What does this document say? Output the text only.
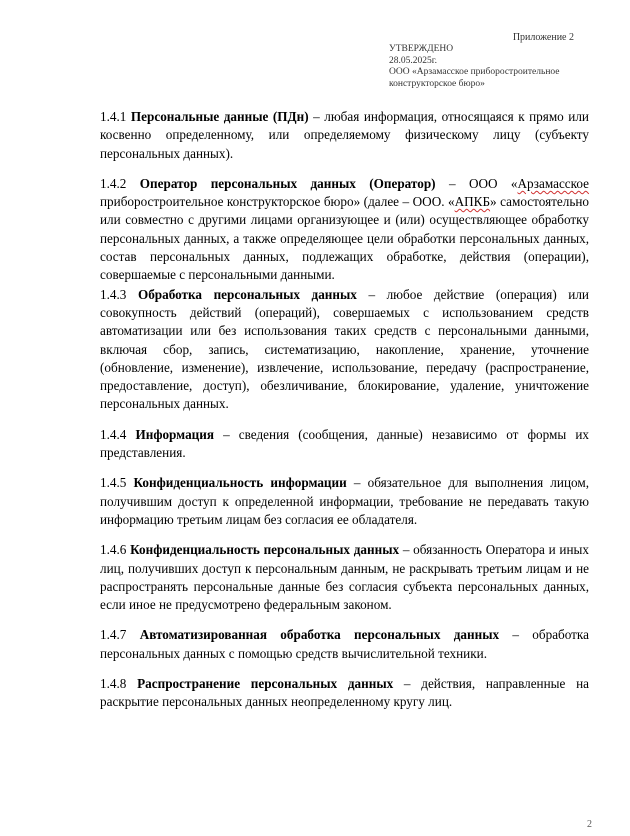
Приложение 2
УТВЕРЖДЕНО
28.05.2025г.
ООО «Арзамасское приборостроительное
конструкторское бюро»

1.4.1 Персональные данные (ПДн) – любая информация, относящаяся к прямо или косвенно определенному, или определяемому физическому лицу (субъекту персональных данных).

1.4.2 Оператор персональных данных (Оператор) – ООО «Арзамасское приборостроительное конструкторское бюро» (далее – ООО. «АПКБ» самостоятельно или совместно с другими лицами организующее и (или) осуществляющее обработку персональных данных, а также определяющее цели обработки персональных данных, состав персональных данных, подлежащих обработке, действия (операции), совершаемые с персональными данными.

1.4.3 Обработка персональных данных – любое действие (операция) или совокупность действий (операций), совершаемых с использованием средств автоматизации или без использования таких средств с персональными данными, включая сбор, запись, систематизацию, накопление, хранение, уточнение (обновление, изменение), извлечение, использование, передачу (распространение, предоставление, доступ), обезличивание, блокирование, удаление, уничтожение персональных данных.

1.4.4 Информация – сведения (сообщения, данные) независимо от формы их представления.

1.4.5 Конфиденциальность информации – обязательное для выполнения лицом, получившим доступ к определенной информации, требование не передавать такую информацию третьим лицам без согласия ее обладателя.

1.4.6 Конфиденциальность персональных данных – обязанность Оператора и иных лиц, получивших доступ к персональным данным, не раскрывать третьим лицам и не распространять персональные данные без согласия субъекта персональных данных, если иное не предусмотрено федеральным законом.

1.4.7 Автоматизированная обработка персональных данных – обработка персональных данных с помощью средств вычислительной техники.

1.4.8 Распространение персональных данных – действия, направленные на раскрытие персональных данных неопределенному кругу лиц.

2
